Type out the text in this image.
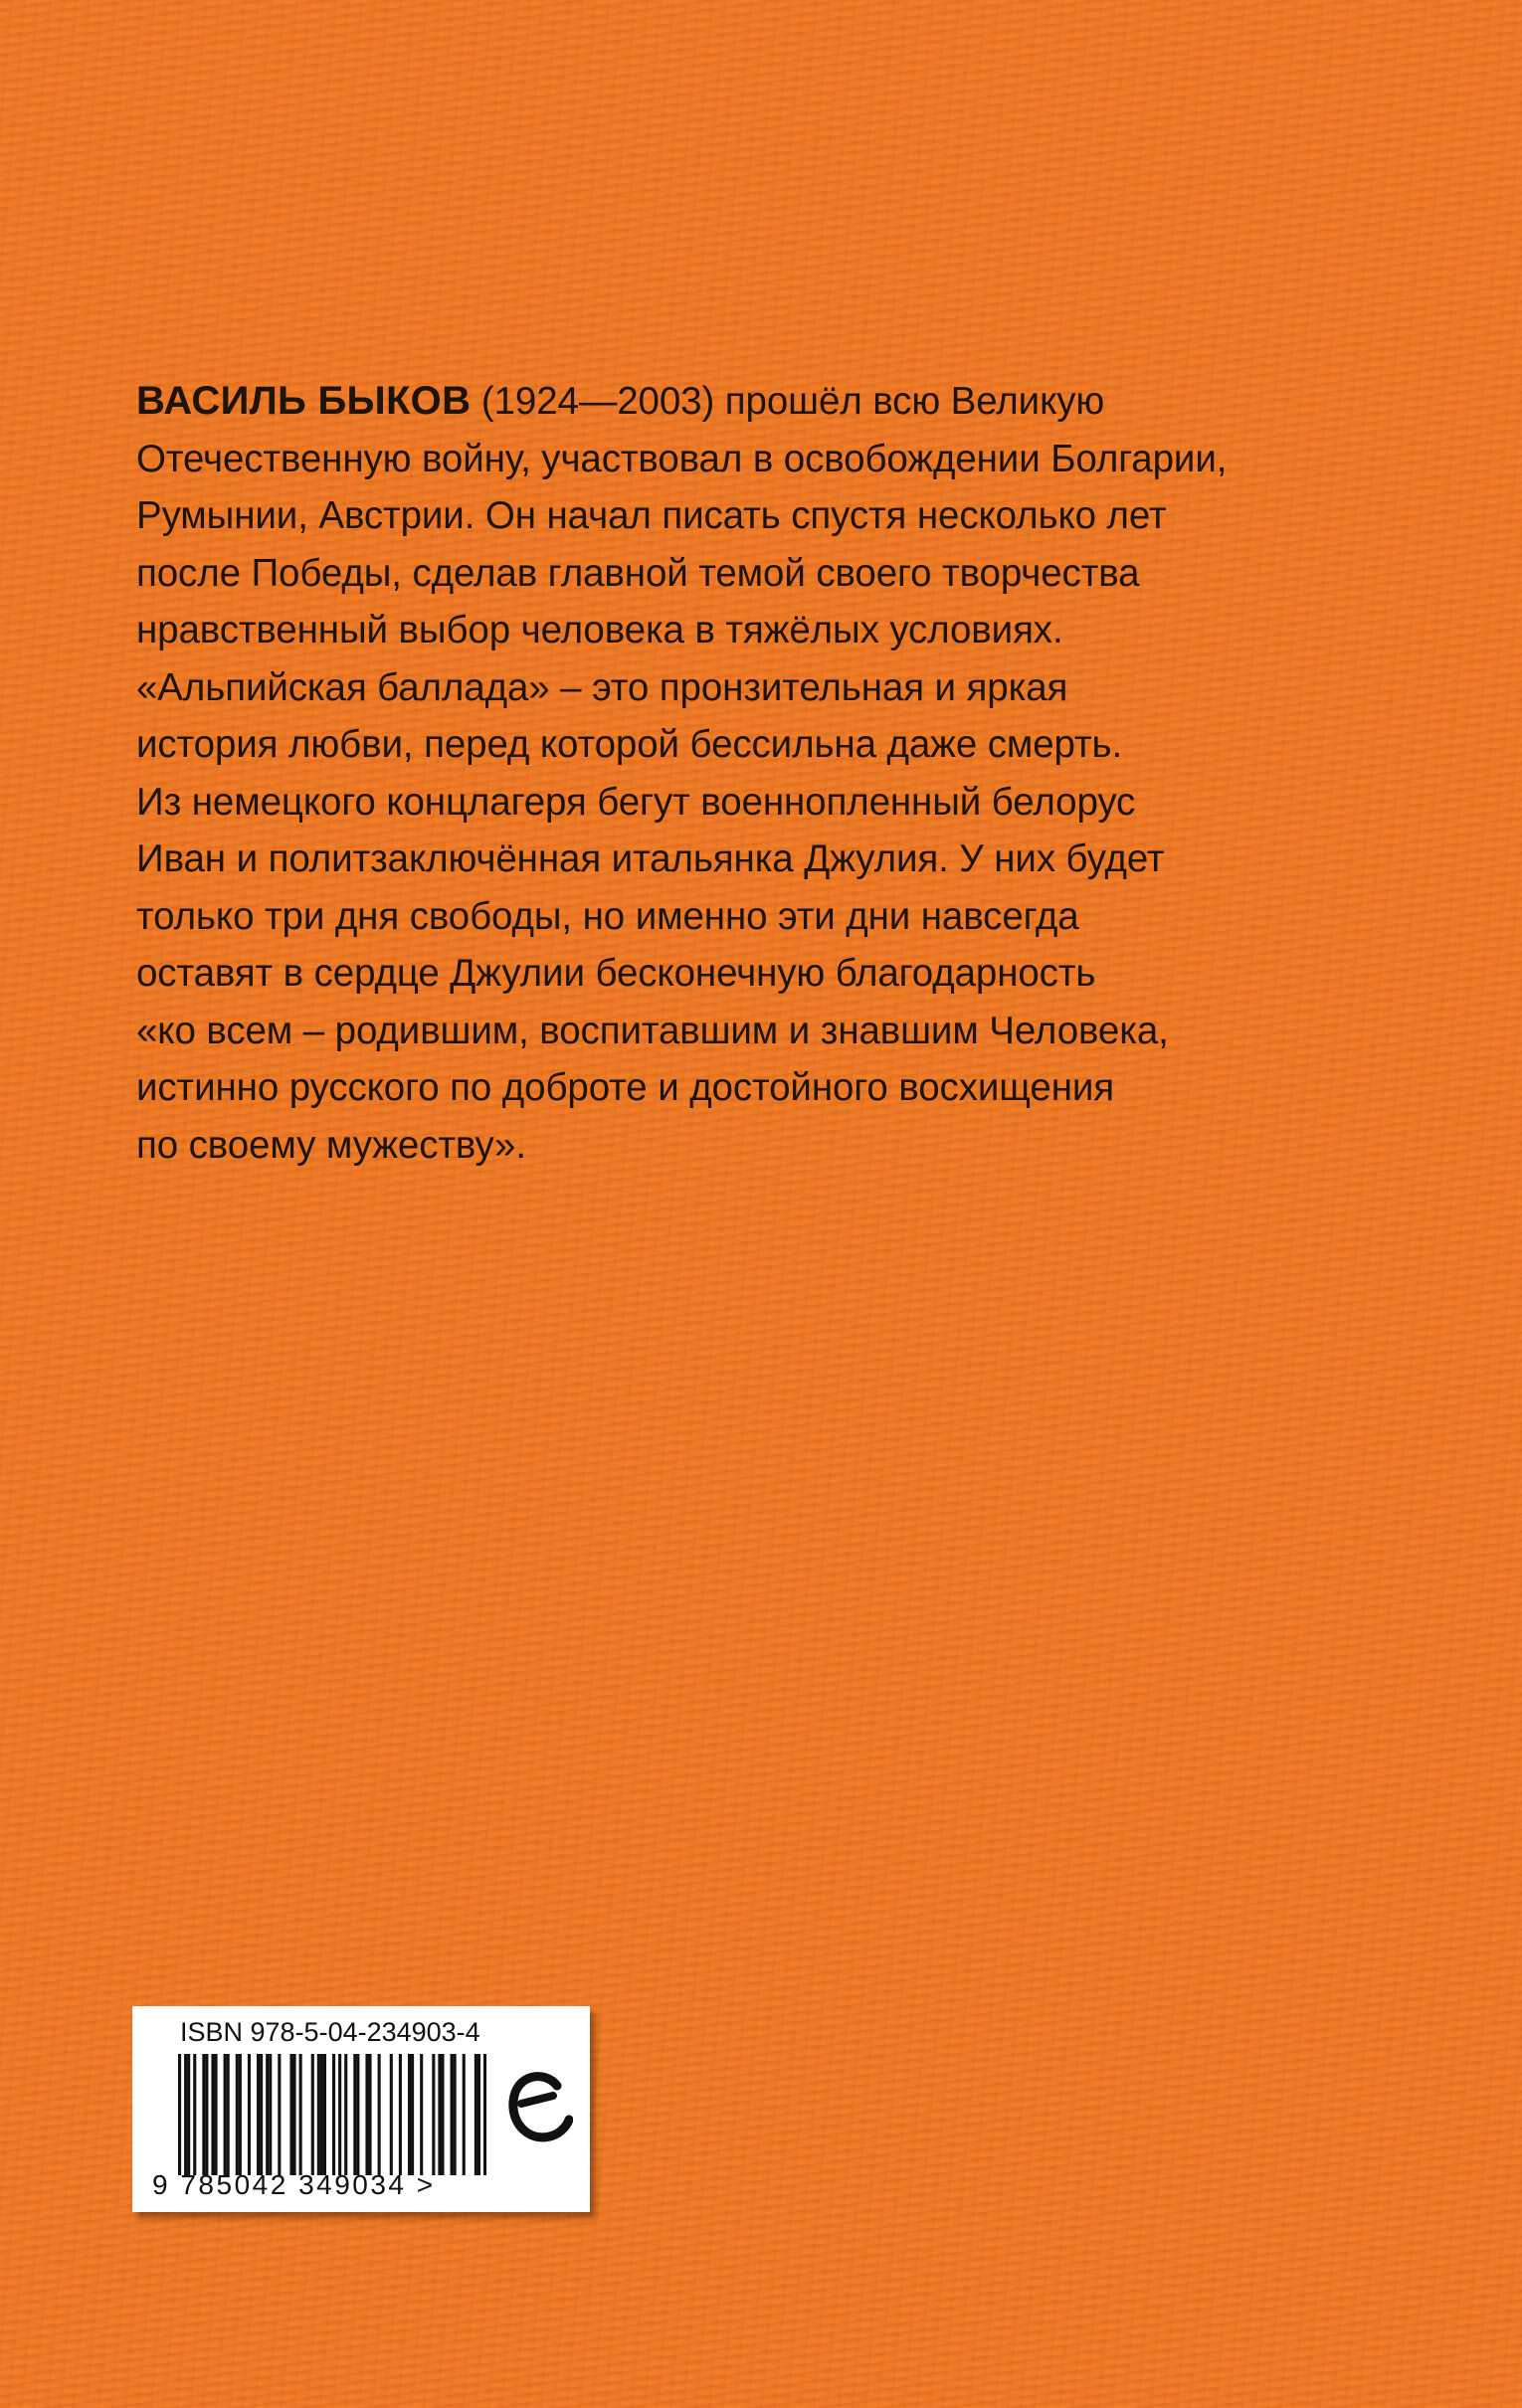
ВАСИЛЬ БЫКОВ (1924—2003) прошёл всю Великую

Отечественную войну, участвовал в освобождении Болгарии,

Румынии, Австрии. Он начал писать спустя несколько лет

после Победы, сделав главной темой своего творчества

нравственный выбор человека в тяжёлых условиях.

«Альпийская баллада» – это пронзительная и яркая

история любви, перед которой бессильна даже смерть.

Из немецкого концлагеря бегут военнопленный белорус

Иван и политзаключённая итальянка Джулия. У них будет

только три дня свободы, но именно эти дни навсегда

оставят в сердце Джулии бесконечную благодарность

«ко всем – родившим, воспитавшим и знавшим Человека,

истинно русского по доброте и достойного восхищения

по своему мужеству».

ISBN 978-5-04-234903-4
9 785042 349034 >
